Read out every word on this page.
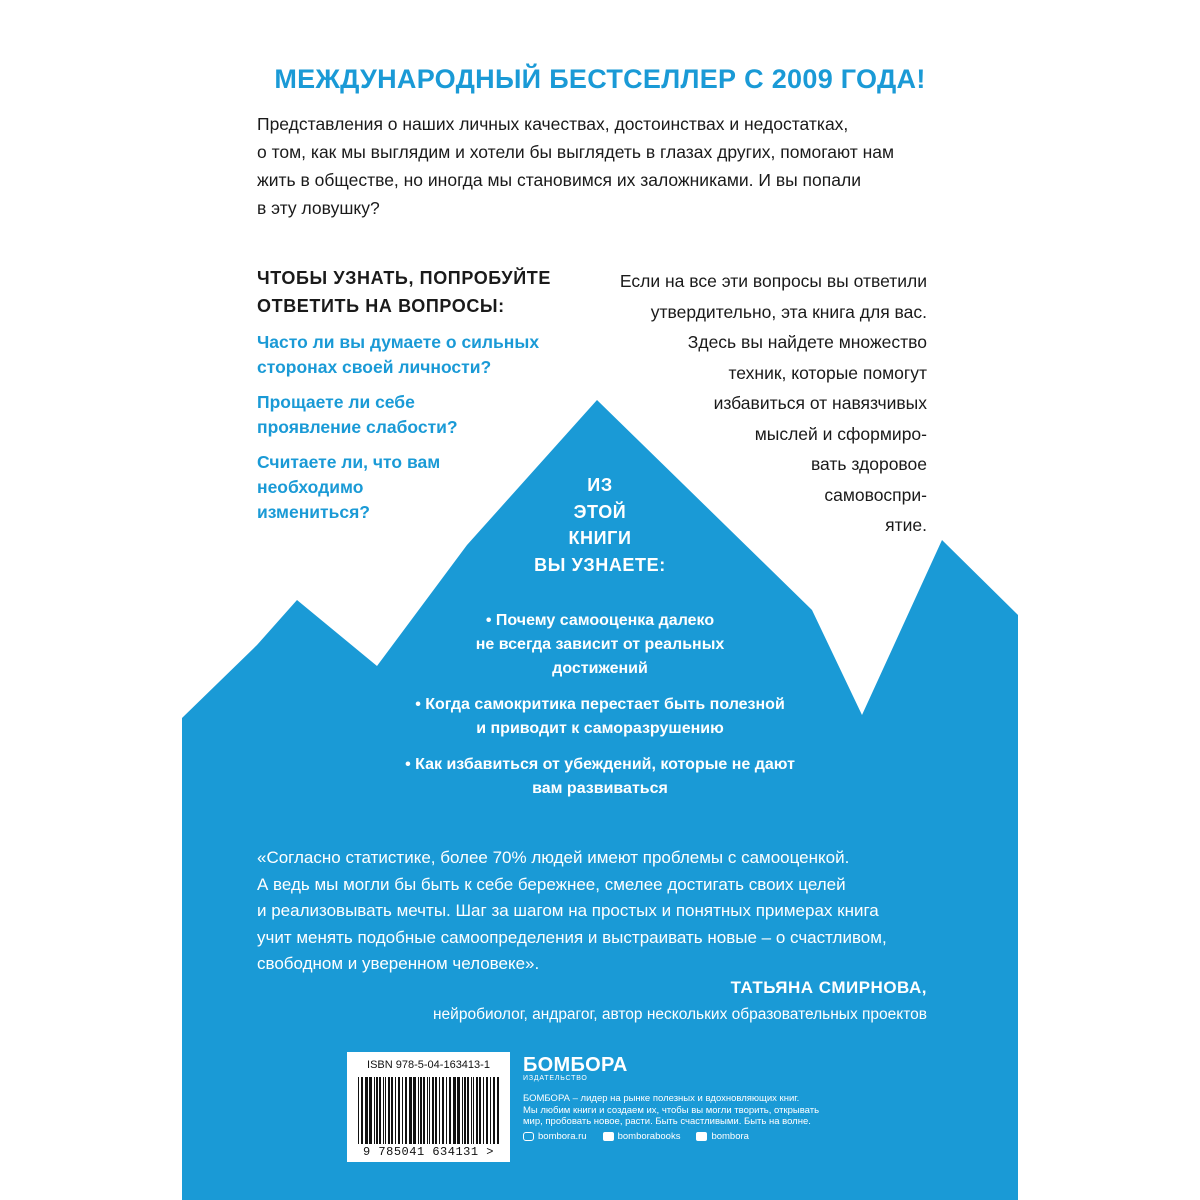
МЕЖДУНАРОДНЫЙ БЕСТСЕЛЛЕР С 2009 ГОДА!
Представления о наших личных качествах, достоинствах и недостатках,
о том, как мы выглядим и хотели бы выглядеть в глазах других, помогают нам
жить в обществе, но иногда мы становимся их заложниками. И вы попали
в эту ловушку?
ЧТОБЫ УЗНАТЬ, ПОПРОБУЙТЕ
ОТВЕТИТЬ НА ВОПРОСЫ:
Часто ли вы думаете о сильных
сторонах своей личности?
Прощаете ли себе
проявление слабости?
Считаете ли, что вам
необходимо
измениться?
Если на все эти вопросы вы ответили
утвердительно, эта книга для вас.
Здесь вы найдете множество
техник, которые помогут
избавиться от навязчивых
мыслей и сформиро-
вать здоровое
самовоспри-
ятие.
ИЗ
ЭТОЙ
КНИГИ
ВЫ УЗНАЕТЕ:
• Почему самооценка далеко
не всегда зависит от реальных
достижений
• Когда самокритика перестает быть полезной
и приводит к саморазрушению
• Как избавиться от убеждений, которые не дают
вам развиваться
«Согласно статистике, более 70% людей имеют проблемы с самооценкой.
А ведь мы могли бы быть к себе бережнее, смелее достигать своих целей
и реализовывать мечты. Шаг за шагом на простых и понятных примерах книга
учит менять подобные самоопределения и выстраивать новые – о счастливом,
свободном и уверенном человеке».
ТАТЬЯНА СМИРНОВА,
нейробиолог, андрагог, автор нескольких образовательных проектов
ISBN 978-5-04-163413-1
9 785041 634131 >
БОМБОРА
ИЗДАТЕЛЬСТВО
БОМБОРА – лидер на рынке полезных и вдохновляющих книг.
Мы любим книги и создаем их, чтобы вы могли творить, открывать
мир, пробовать новое, расти. Быть счастливыми. Быть на волне.
bombora.ru	bomborabooks	bombora
